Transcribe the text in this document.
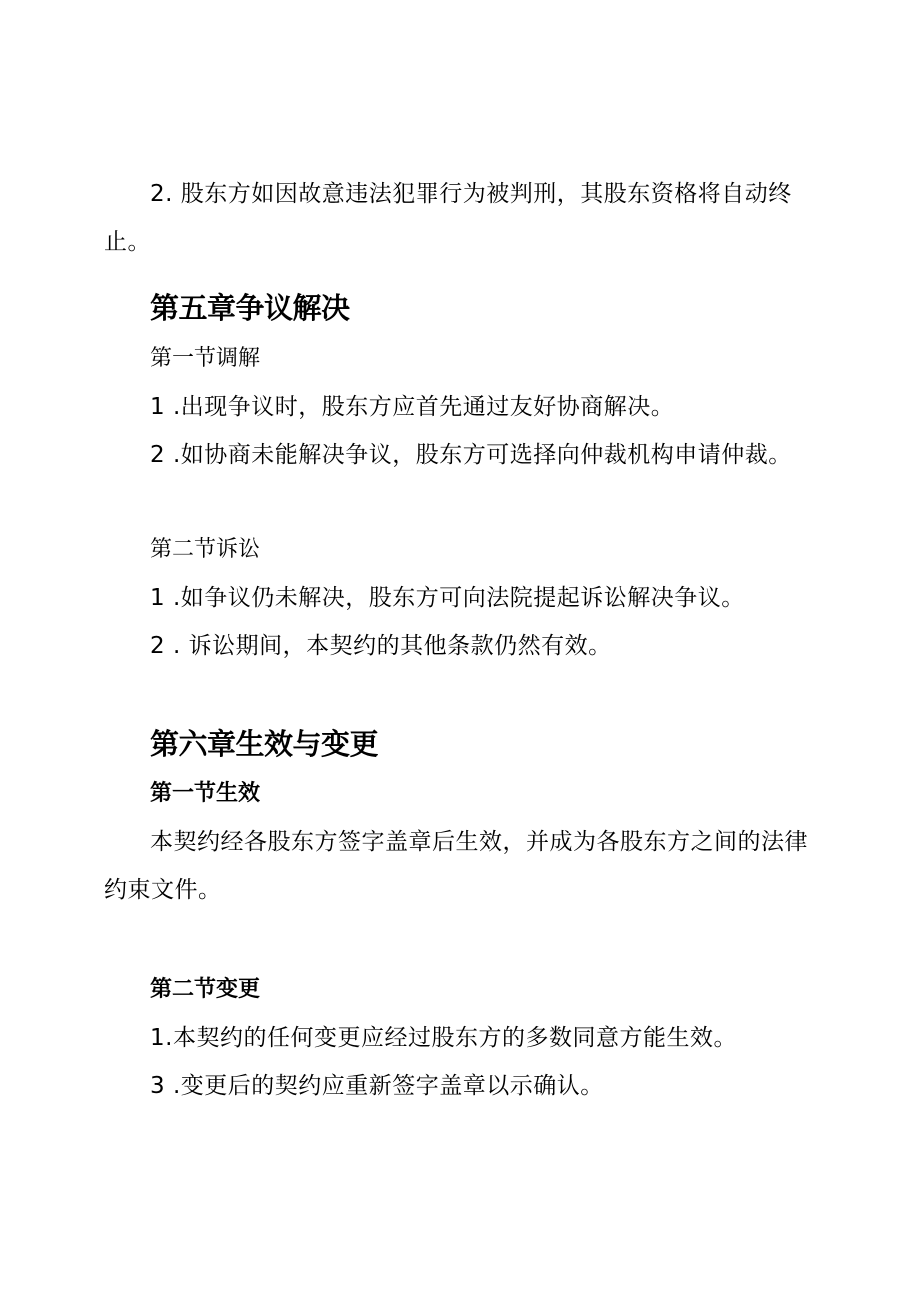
2. 股东方如因故意违法犯罪行为被判刑，其股东资格将自动终
止。
第五章争议解决
第一节调解
1 .出现争议时，股东方应首先通过友好协商解决。
2 .如协商未能解决争议，股东方可选择向仲裁机构申请仲裁。
第二节诉讼
1 .如争议仍未解决，股东方可向法院提起诉讼解决争议。
2 . 诉讼期间，本契约的其他条款仍然有效。
第六章生效与变更
第一节生效
本契约经各股东方签字盖章后生效，并成为各股东方之间的法律
约束文件。
第二节变更
1.本契约的任何变更应经过股东方的多数同意方能生效。
3 .变更后的契约应重新签字盖章以示确认。
